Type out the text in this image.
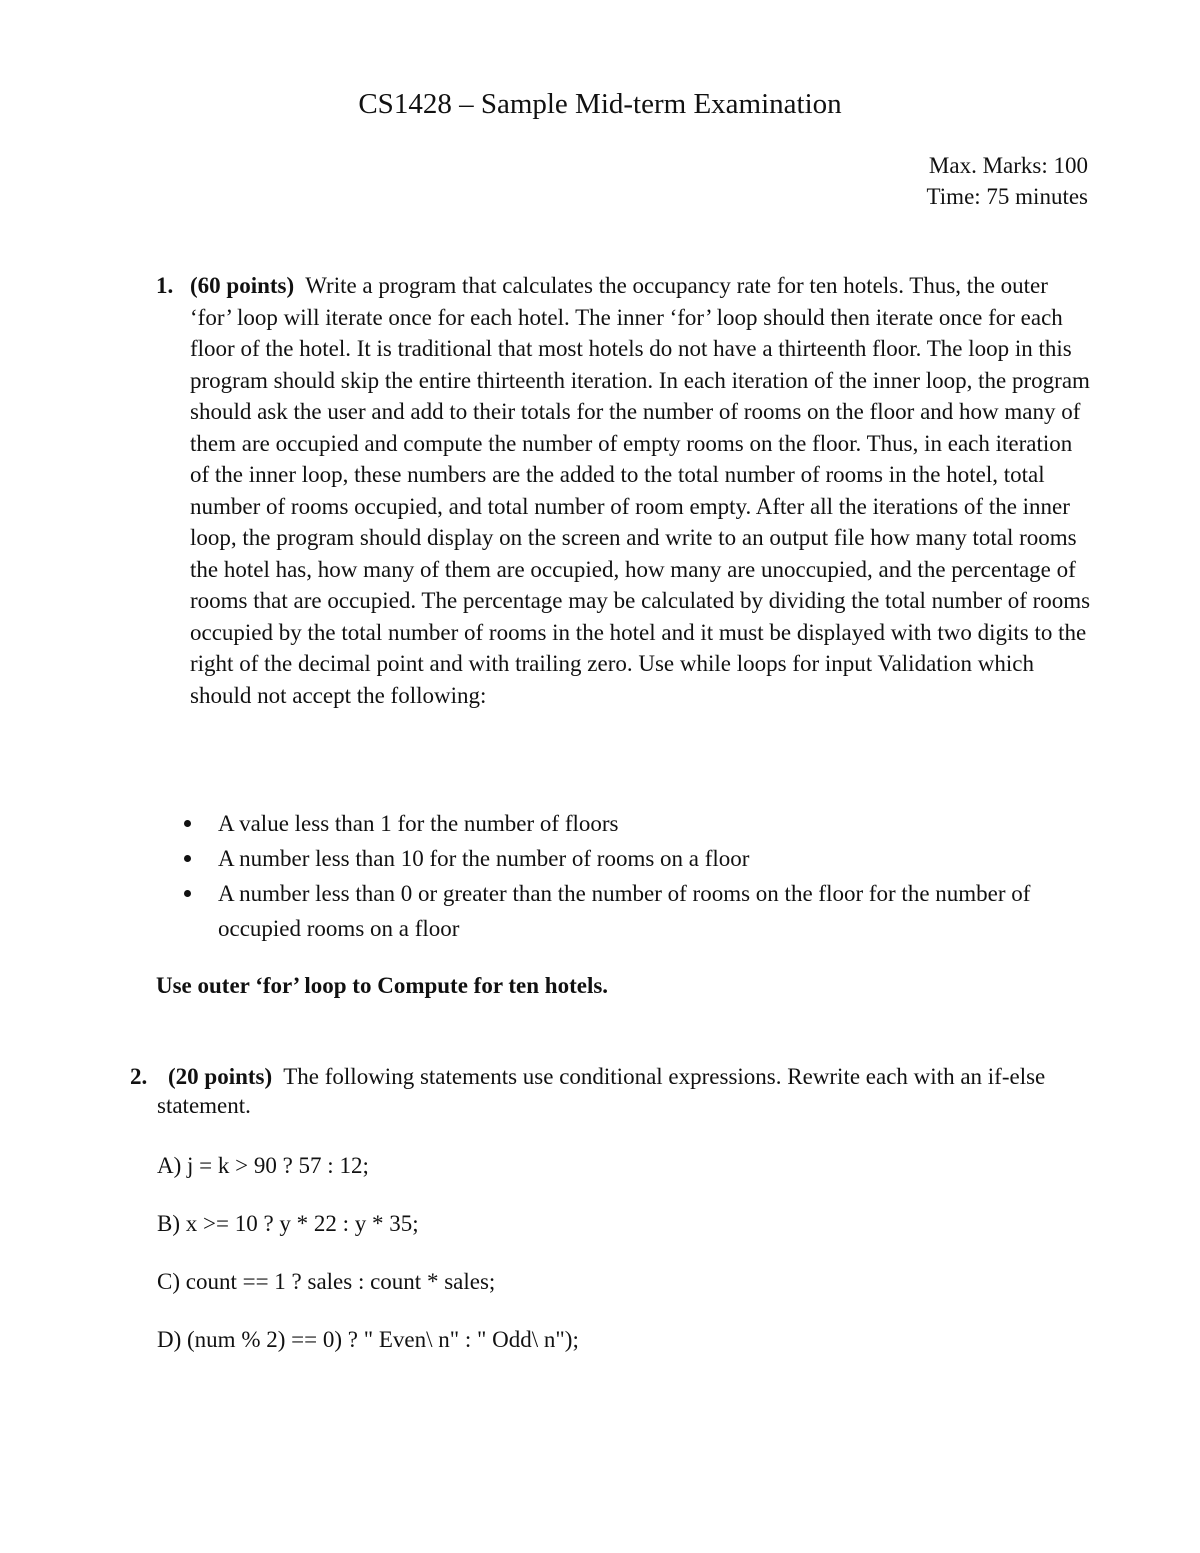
CS1428 – Sample Mid-term Examination
Max. Marks: 100
Time: 75 minutes
1. (60 points) Write a program that calculates the occupancy rate for ten hotels. Thus, the outer ‘for’ loop will iterate once for each hotel. The inner ‘for’ loop should then iterate once for each floor of the hotel. It is traditional that most hotels do not have a thirteenth floor. The loop in this program should skip the entire thirteenth iteration. In each iteration of the inner loop, the program should ask the user and add to their totals for the number of rooms on the floor and how many of them are occupied and compute the number of empty rooms on the floor. Thus, in each iteration of the inner loop, these numbers are the added to the total number of rooms in the hotel, total number of rooms occupied, and total number of room empty. After all the iterations of the inner loop, the program should display on the screen and write to an output file how many total rooms the hotel has, how many of them are occupied, how many are unoccupied, and the percentage of rooms that are occupied. The percentage may be calculated by dividing the total number of rooms occupied by the total number of rooms in the hotel and it must be displayed with two digits to the right of the decimal point and with trailing zero. Use while loops for input Validation which should not accept the following:

A value less than 1 for the number of floors
A number less than 10 for the number of rooms on a floor
A number less than 0 or greater than the number of rooms on the floor for the number of occupied rooms on a floor
Use outer ‘for’ loop to Compute for ten hotels.
2. (20 points) The following statements use conditional expressions. Rewrite each with an if-else statement.

A) j = k > 90 ? 57 : 12;
B) x >= 10 ? y * 22 : y * 35;
C) count == 1 ? sales : count * sales;
D) (num % 2) == 0) ? " Even\ n" : " Odd\ n");
